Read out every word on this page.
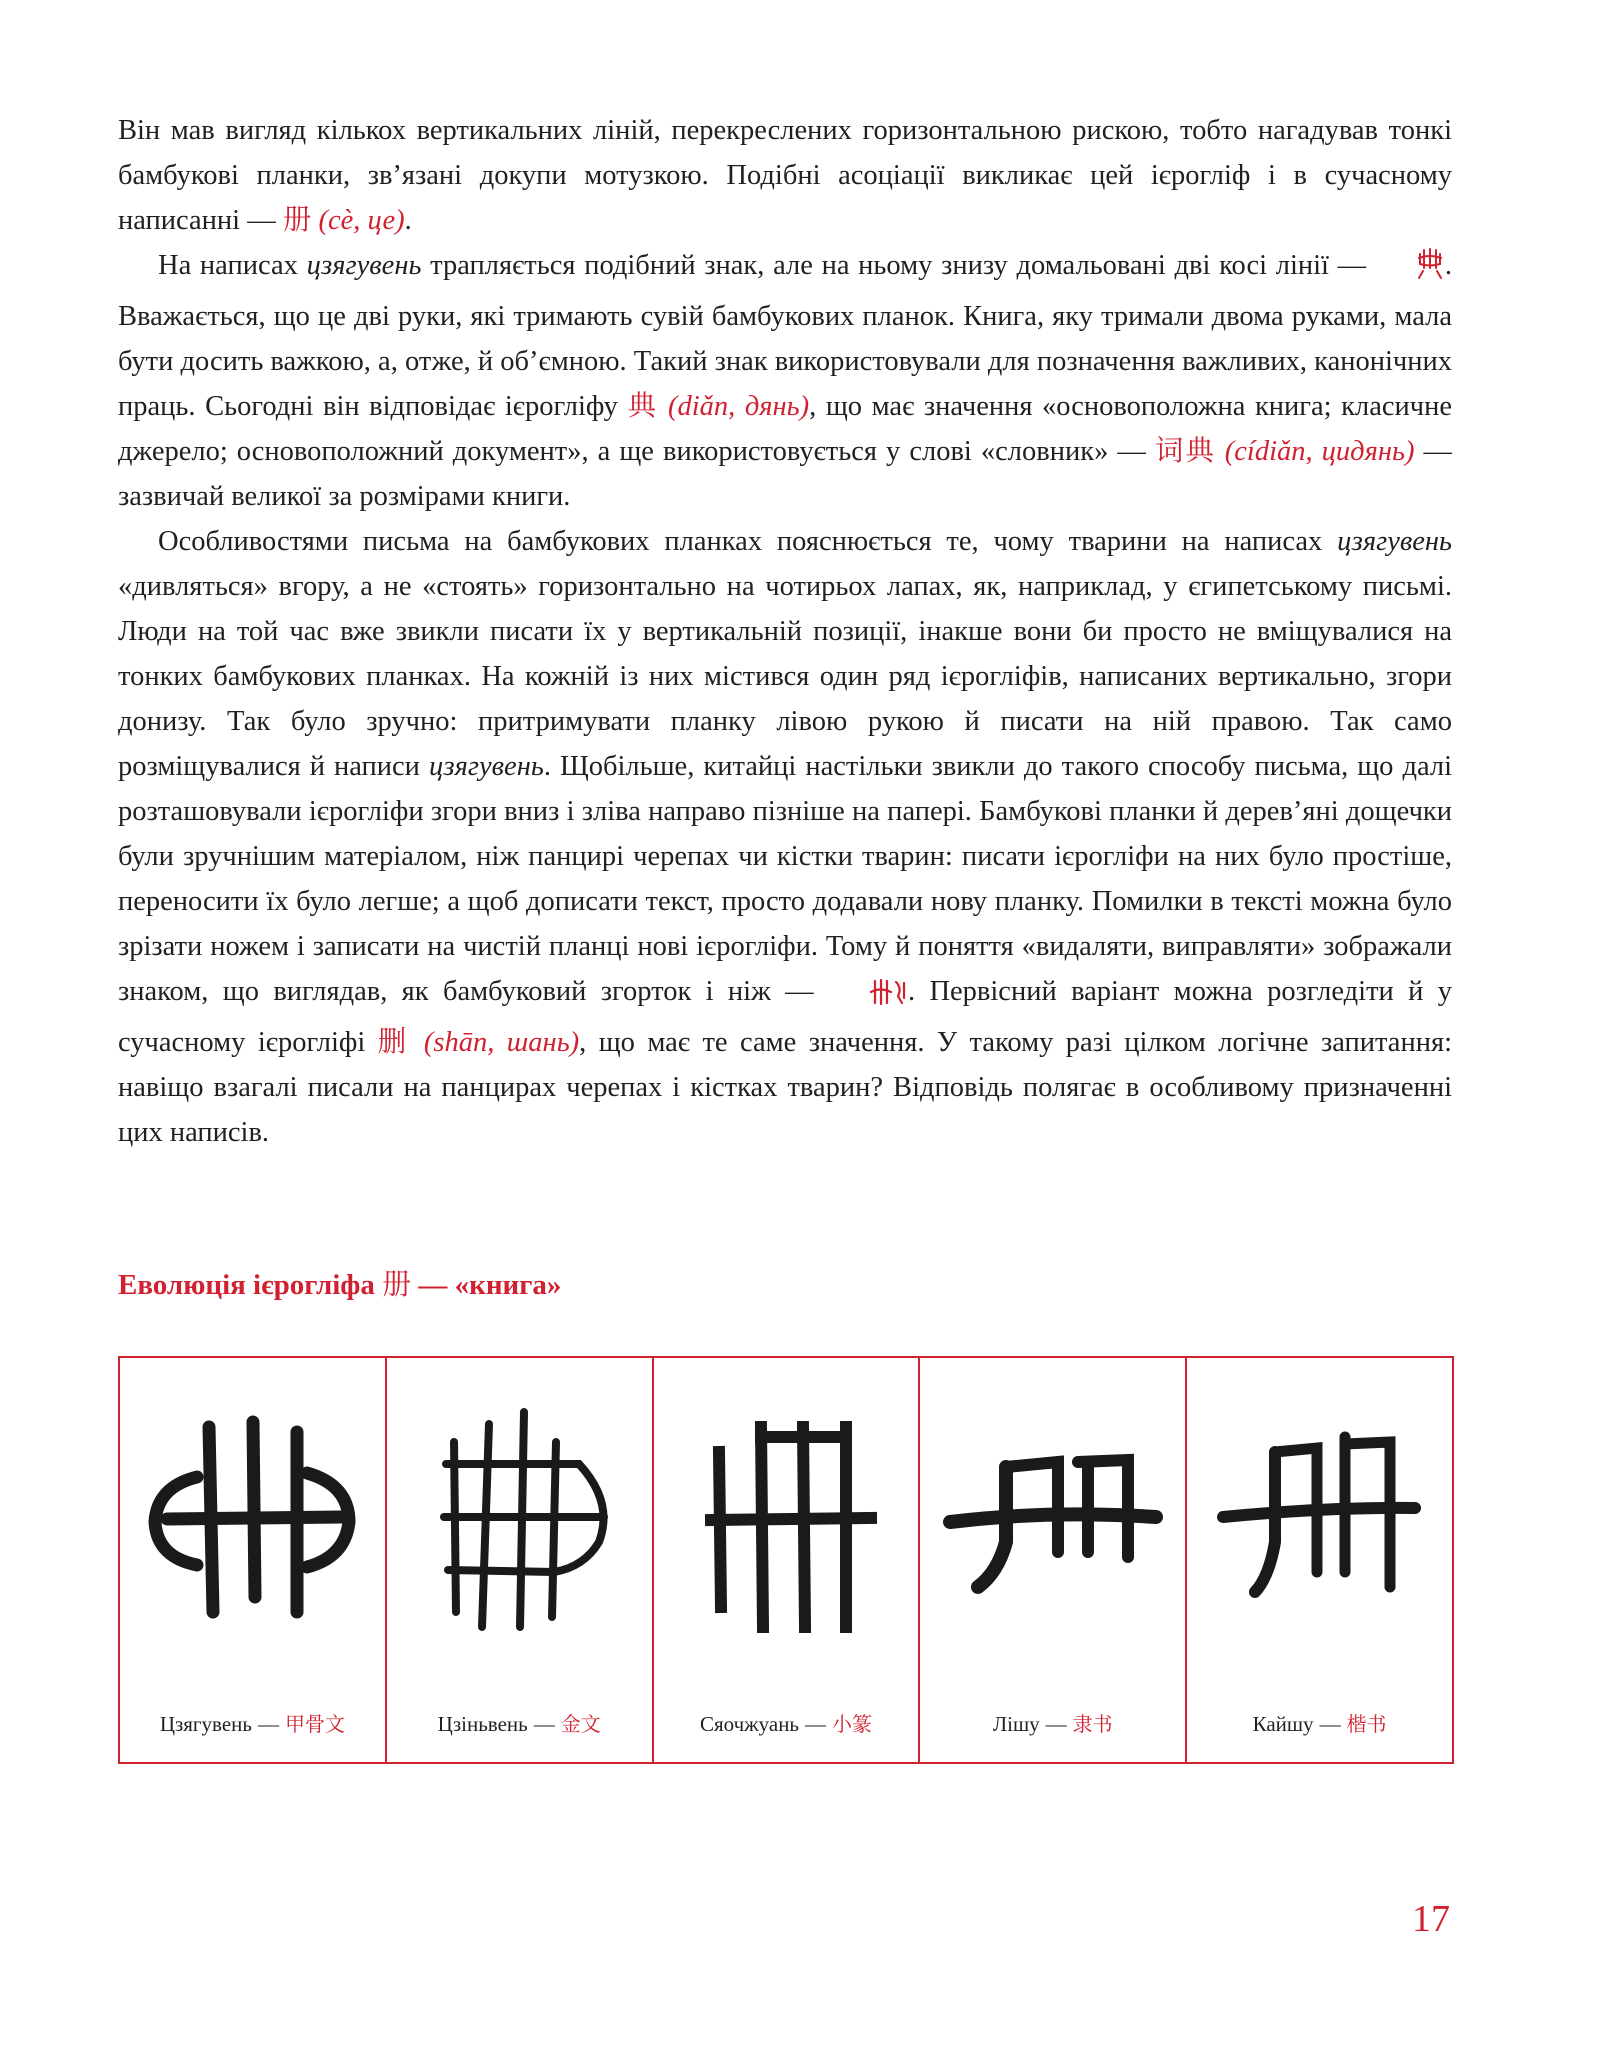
Він мав вигляд кількох вертикальних ліній, перекреслених горизонтальною рискою, тобто нагадував тонкі бамбукові планки, зв’язані докупи мотузкою. Подібні асоціації викликає цей ієрогліф і в сучасному написанні — 册 (cè, це).

На написах цзягувень трапляється подібний знак, але на ньому знизу домальовані дві косі лінії — . Вважається, що це дві руки, які тримають сувій бамбукових планок. Книга, яку тримали двома руками, мала бути досить важкою, а, отже, й об’ємною. Такий знак використовували для позначення важливих, канонічних праць. Сьогодні він відповідає ієрогліфу 典 (diǎn, дянь), що має значення «основоположна книга; класичне джерело; основоположний документ», а ще використовується у слові «словник» — 词典 (cídiǎn, цидянь) — зазвичай великої за розмірами книги.

Особливостями письма на бамбукових планках пояснюється те, чому тварини на написах цзягувень «дивляться» вгору, а не «стоять» горизонтально на чотирьох лапах, як, наприклад, у єгипетському письмі. Люди на той час вже звикли писати їх у вертикальній позиції, інакше вони би просто не вміщувалися на тонких бамбукових планках. На кожній із них містився один ряд ієрогліфів, написаних вертикально, згори донизу. Так було зручно: притримувати планку лівою рукою й писати на ній правою. Так само розміщувалися й написи цзягувень. Щобільше, китайці настільки звикли до такого способу письма, що далі розташовували ієрогліфи згори вниз і зліва направо пізніше на папері. Бамбукові планки й дерев’яні дощечки були зручнішим матеріалом, ніж панцирі черепах чи кістки тварин: писати ієрогліфи на них було простіше, переносити їх було легше; а щоб дописати текст, просто додавали нову планку. Помилки в тексті можна було зрізати ножем і записати на чистій планці нові ієрогліфи. Тому й поняття «видаляти, виправляти» зображали знаком, що виглядав, як бамбуковий згорток і ніж —	. Первісний варіант можна розгледіти й у сучасному ієрогліфі 删 (shān, шань), що має те саме значення. У такому разі цілком логічне запитання: навіщо взагалі писали на панцирах черепах і кістках тварин? Відповідь полягає в особливому призначенні цих написів.

Еволюція ієрогліфа 册 — «книга»
Цзягувень — 甲骨文	Цзіньвень — 金文	Сяочжуань — 小篆	Лішу — 隶书	Кайшу — 楷书
17
